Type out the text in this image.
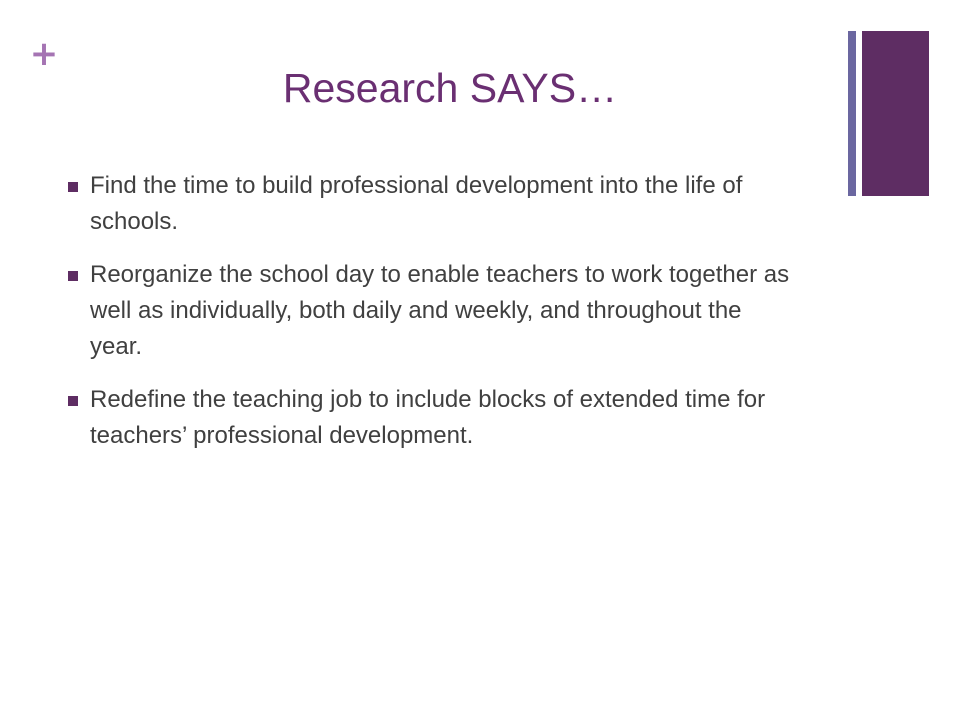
+
Research SAYS…
Find the time to build professional development into the life of schools.
Reorganize the school day to enable teachers to work together as well as individually, both daily and weekly, and throughout the year.
Redefine the teaching job to include blocks of extended time for teachers’ professional development.
